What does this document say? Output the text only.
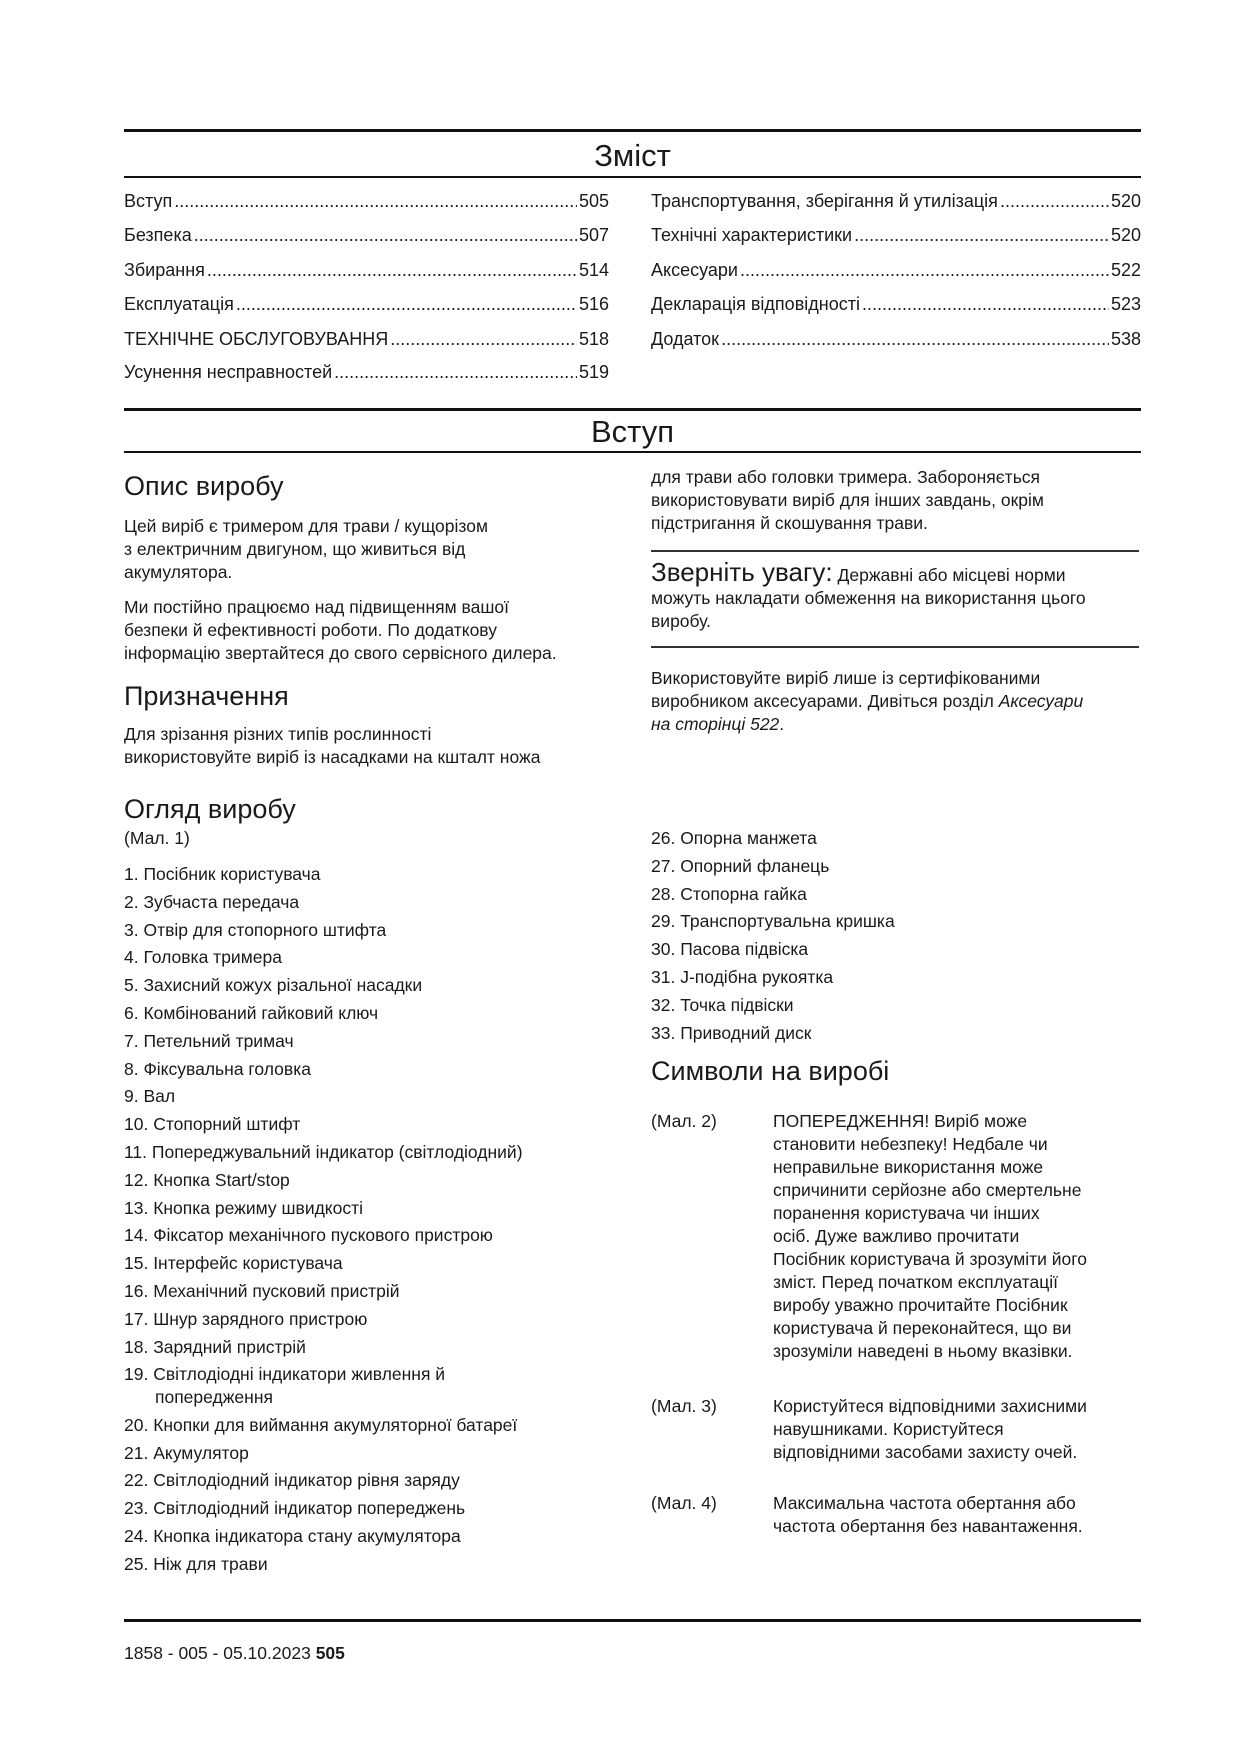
Зміст
Вступ .....	505
Безпека .....	507
Збирання .....	514
Експлуатація .....	516
ТЕХНІЧНЕ ОБСЛУГОВУВАННЯ .....	518
Усунення несправностей .....	519
Транспортування, зберігання й утилізація .....	520
Технічні характеристики .....	520
Аксесуари .....	522
Декларація відповідності .....	523
Додаток .....	538
Вступ
Опис виробу
Цей виріб є тримером для трави / кущорізом
з електричним двигуном, що живиться від
акумулятора.
Ми постійно працюємо над підвищенням вашої
безпеки й ефективності роботи. По додаткову
інформацію звертайтеся до свого сервісного дилера.
Призначення
Для зрізання різних типів рослинності
використовуйте виріб із насадками на кшталт ножа
для трави або головки тримера. Забороняється
використовувати виріб для інших завдань, окрім
підстригання й скошування трави.
Зверніть увагу: Державні або місцеві норми
можуть накладати обмеження на використання цього
виробу.
Використовуйте виріб лише із сертифікованими
виробником аксесуарами. Дивіться розділ Аксесуари
на сторінці 522.
Огляд виробу
(Мал. 1)
1. Посібник користувача
2. Зубчаста передача
3. Отвір для стопорного штифта
4. Головка тримера
5. Захисний кожух різальної насадки
6. Комбінований гайковий ключ
7. Петельний тримач
8. Фіксувальна головка
9. Вал
10. Стопорний штифт
11. Попереджувальний індикатор (світлодіодний)
12. Кнопка Start/stop
13. Кнопка режиму швидкості
14. Фіксатор механічного пускового пристрою
15. Інтерфейс користувача
16. Механічний пусковий пристрій
17. Шнур зарядного пристрою
18. Зарядний пристрій
19. Світлодіодні індикатори живлення й
попередження
20. Кнопки для виймання акумуляторної батареї
21. Акумулятор
22. Світлодіодний індикатор рівня заряду
23. Світлодіодний індикатор попереджень
24. Кнопка індикатора стану акумулятора
25. Ніж для трави
26. Опорна манжета
27. Опорний фланець
28. Стопорна гайка
29. Транспортувальна кришка
30. Пасова підвіска
31. J-подібна рукоятка
32. Точка підвіски
33. Приводний диск
Символи на виробі
(Мал. 2)	ПОПЕРЕДЖЕННЯ! Виріб може
становити небезпеку! Недбале чи
неправильне використання може
спричинити серйозне або смертельне
поранення користувача чи інших
осіб. Дуже важливо прочитати
Посібник користувача й зрозуміти його
зміст. Перед початком експлуатації
виробу уважно прочитайте Посібник
користувача й переконайтеся, що ви
зрозуміли наведені в ньому вказівки.
(Мал. 3)	Користуйтеся відповідними захисними
навушниками. Користуйтеся
відповідними засобами захисту очей.
(Мал. 4)	Максимальна частота обертання або
частота обертання без навантаження.
1858 - 005 - 05.10.2023 505
